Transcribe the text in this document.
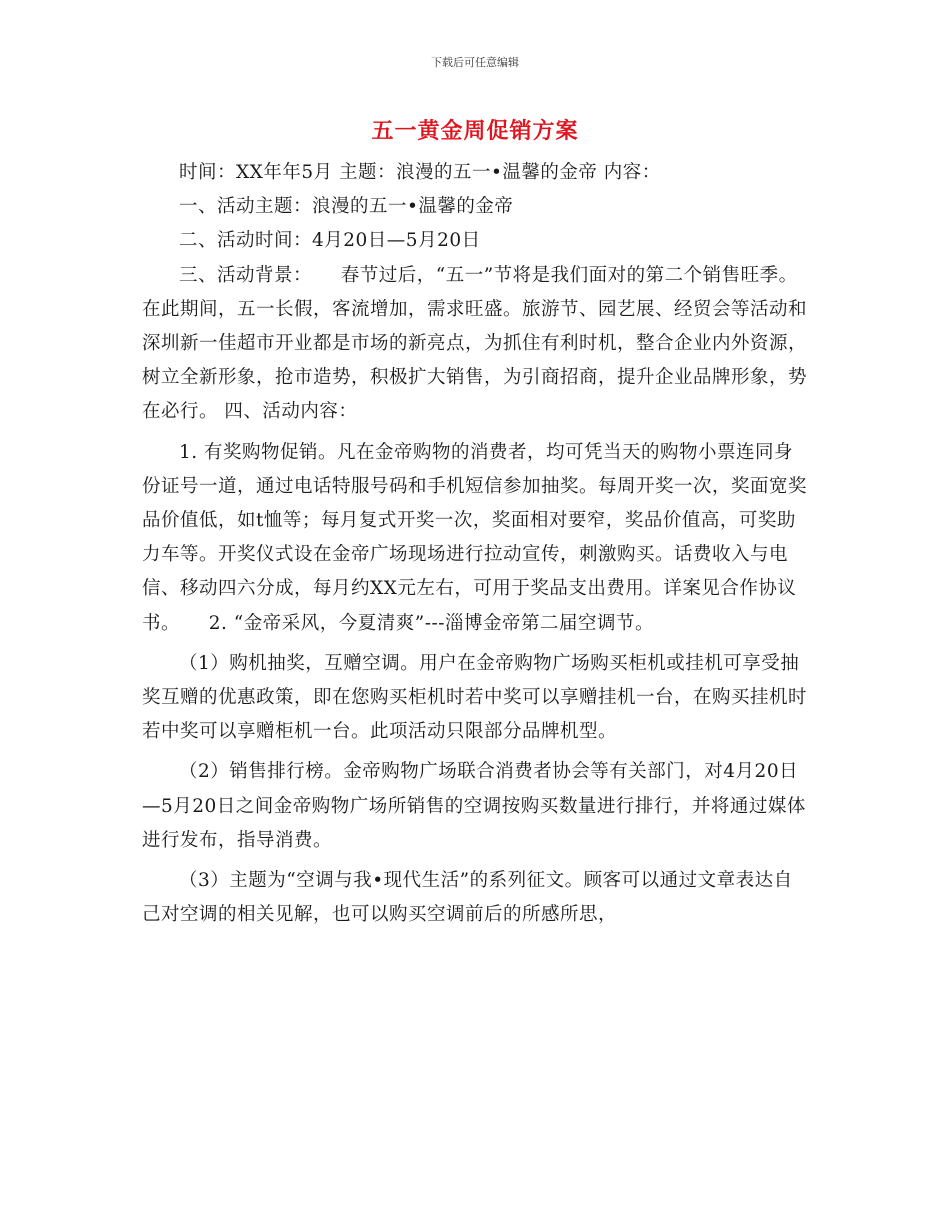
下载后可任意编辑
五一黄金周促销方案

时间：XX年年5月 主题：浪漫的五一•温馨的金帝 内容：

一、活动主题：浪漫的五一•温馨的金帝

二、活动时间：4月20日—5月20日

三、活动背景：　　春节过后，“五一”节将是我们面对的第二个销售旺季。在此期间，五一长假，客流增加，需求旺盛。旅游节、园艺展、经贸会等活动和深圳新一佳超市开业都是市场的新亮点，为抓住有利时机，整合企业内外资源，树立全新形象，抢市造势，积极扩大销售，为引商招商，提升企业品牌形象，势在必行。 四、活动内容：

1. 有奖购物促销。凡在金帝购物的消费者，均可凭当天的购物小票连同身份证号一道，通过电话特服号码和手机短信参加抽奖。每周开奖一次，奖面宽奖品价值低，如t恤等；每月复式开奖一次，奖面相对要窄，奖品价值高，可奖助力车等。开奖仪式设在金帝广场现场进行拉动宣传，刺激购买。话费收入与电信、移动四六分成，每月约XX元左右，可用于奖品支出费用。详案见合作协议书。　　2. “金帝采风，今夏清爽”---淄博金帝第二届空调节。

（1）购机抽奖，互赠空调。用户在金帝购物广场购买柜机或挂机可享受抽奖互赠的优惠政策，即在您购买柜机时若中奖可以享赠挂机一台，在购买挂机时若中奖可以享赠柜机一台。此项活动只限部分品牌机型。

（2）销售排行榜。金帝购物广场联合消费者协会等有关部门，对4月20日—5月20日之间金帝购物广场所销售的空调按购买数量进行排行，并将通过媒体进行发布，指导消费。

（3）主题为“空调与我•现代生活”的系列征文。顾客可以通过文章表达自己对空调的相关见解，也可以购买空调前后的所感所思，
